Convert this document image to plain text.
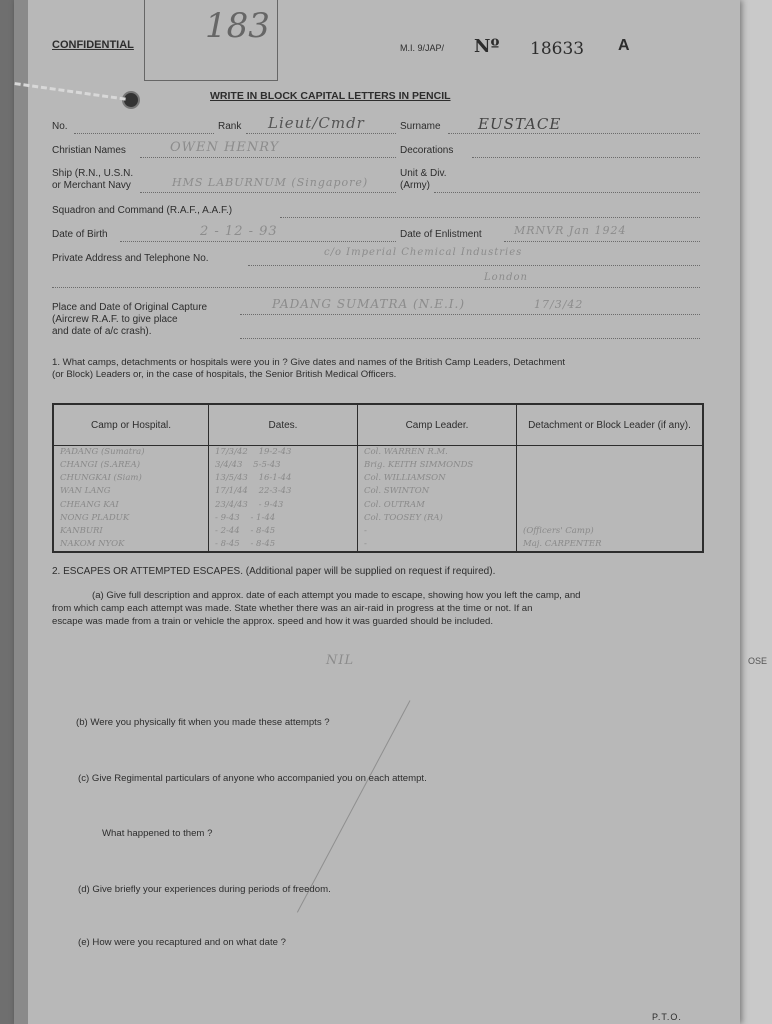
OSE
183
CONFIDENTIAL	M.I. 9/JAP/ Nº 18633 A
WRITE IN BLOCK CAPITAL LETTERS IN PENCIL
No.	Rank Lieut/Cmdr	Surname EUSTACE
Christian Names	OWEN HENRY	Decorations
Ship (R.N., U.S.N.
or Merchant Navy	HMS LABURNUM (Singapore)
Unit & Div.
(Army)
Squadron and Command (R.A.F., A.A.F.)
Date of Birth	2 - 12 - 93	Date of Enlistment	MRNVR Jan 1924
Private Address and Telephone No.
c/o Imperial Chemical Industries
London
Place and Date of Original Capture
(Aircrew R.A.F. to give place
and date of a/c crash).
PADANG SUMATRA (N.E.I.)	17/3/42
1. What camps, detachments or hospitals were you in ? Give dates and names of the British Camp Leaders, Detachment
(or Block) Leaders or, in the case of hospitals, the Senior British Medical Officers.
Camp or Hospital.	Dates.	Camp Leader.	Detachment or Block Leader (if any).
PADANG (Sumatra)	17/3/42 19-2-43	Col. WARREN R.M.	
CHANGI (S.AREA)	3/4/43 5-5-43	Brig. KEITH SIMMONDS	
CHUNGKAI (Siam)	13/5/43 16-1-44	Col. WILLIAMSON	
WAN LANG	17/1/44 22-3-43	Col. SWINTON	
CHEANG KAI	23/4/43 - 9-43	Col. OUTRAM	
NONG PLADUK	- 9-43 - 1-44	Col. TOOSEY (RA)	
KANBURI	- 2-44 - 8-45	-	(Officers' Camp)
NAKOM NYOK	- 8-45 - 8-45	-	Maj. CARPENTER
2. ESCAPES OR ATTEMPTED ESCAPES. (Additional paper will be supplied on request if required).
(a) Give full description and approx. date of each attempt you made to escape, showing how you left the camp, and
from which camp each attempt was made. State whether there was an air-raid in progress at the time or not. If an
escape was made from a train or vehicle the approx. speed and how it was guarded should be included.
NIL
(b) Were you physically fit when you made these attempts ?
(c) Give Regimental particulars of anyone who accompanied you on each attempt.
What happened to them ?
(d) Give briefly your experiences during periods of freedom.
(e) How were you recaptured and on what date ?
P.T.O.
